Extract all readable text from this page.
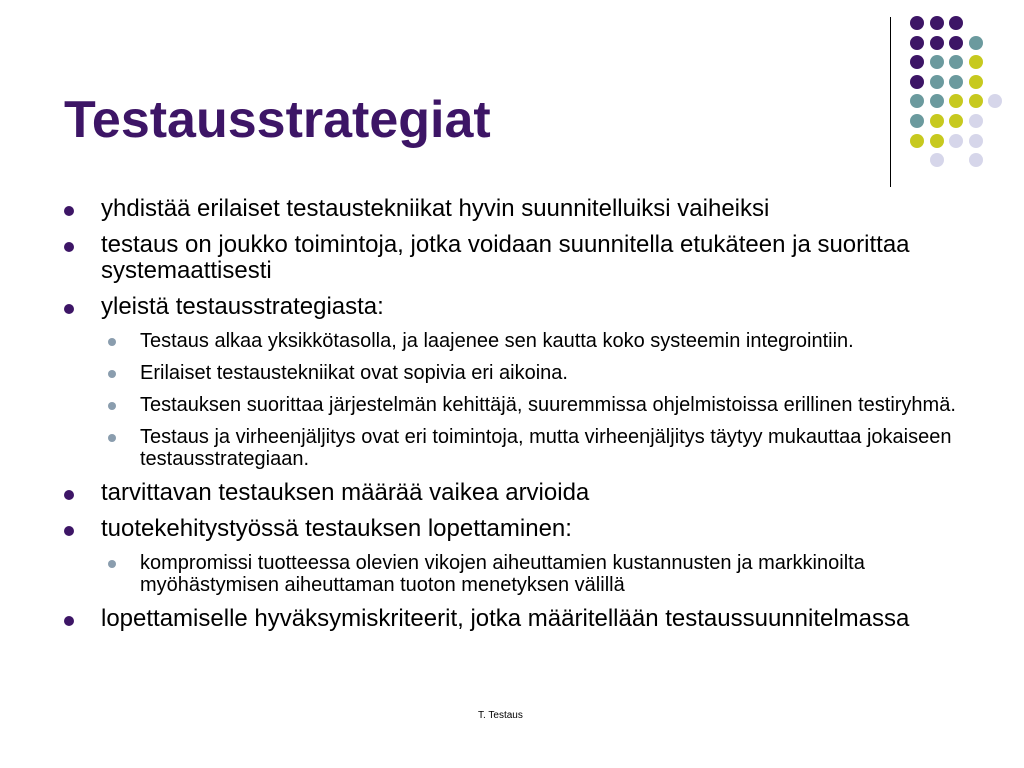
Testausstrategiat
yhdistää erilaiset testaustekniikat hyvin suunnitelluiksi vaiheiksi
testaus on joukko toimintoja, jotka voidaan suunnitella etukäteen ja suorittaa systemaattisesti
yleistä testausstrategiasta:
Testaus alkaa yksikkötasolla, ja laajenee sen kautta koko systeemin integrointiin.
Erilaiset testaustekniikat ovat sopivia eri aikoina.
Testauksen suorittaa järjestelmän kehittäjä, suuremmissa ohjelmistoissa erillinen testiryhmä.
Testaus ja virheenjäljitys ovat eri toimintoja, mutta virheenjäljitys täytyy mukauttaa jokaiseen testausstrategiaan.
tarvittavan testauksen määrää vaikea arvioida
tuotekehitystyössä testauksen lopettaminen:
kompromissi tuotteessa olevien vikojen aiheuttamien kustannusten ja markkinoilta myöhästymisen aiheuttaman tuoton menetyksen välillä
lopettamiselle hyväksymiskriteerit, jotka määritellään testaussuunnitelmassa
T. Testaus
